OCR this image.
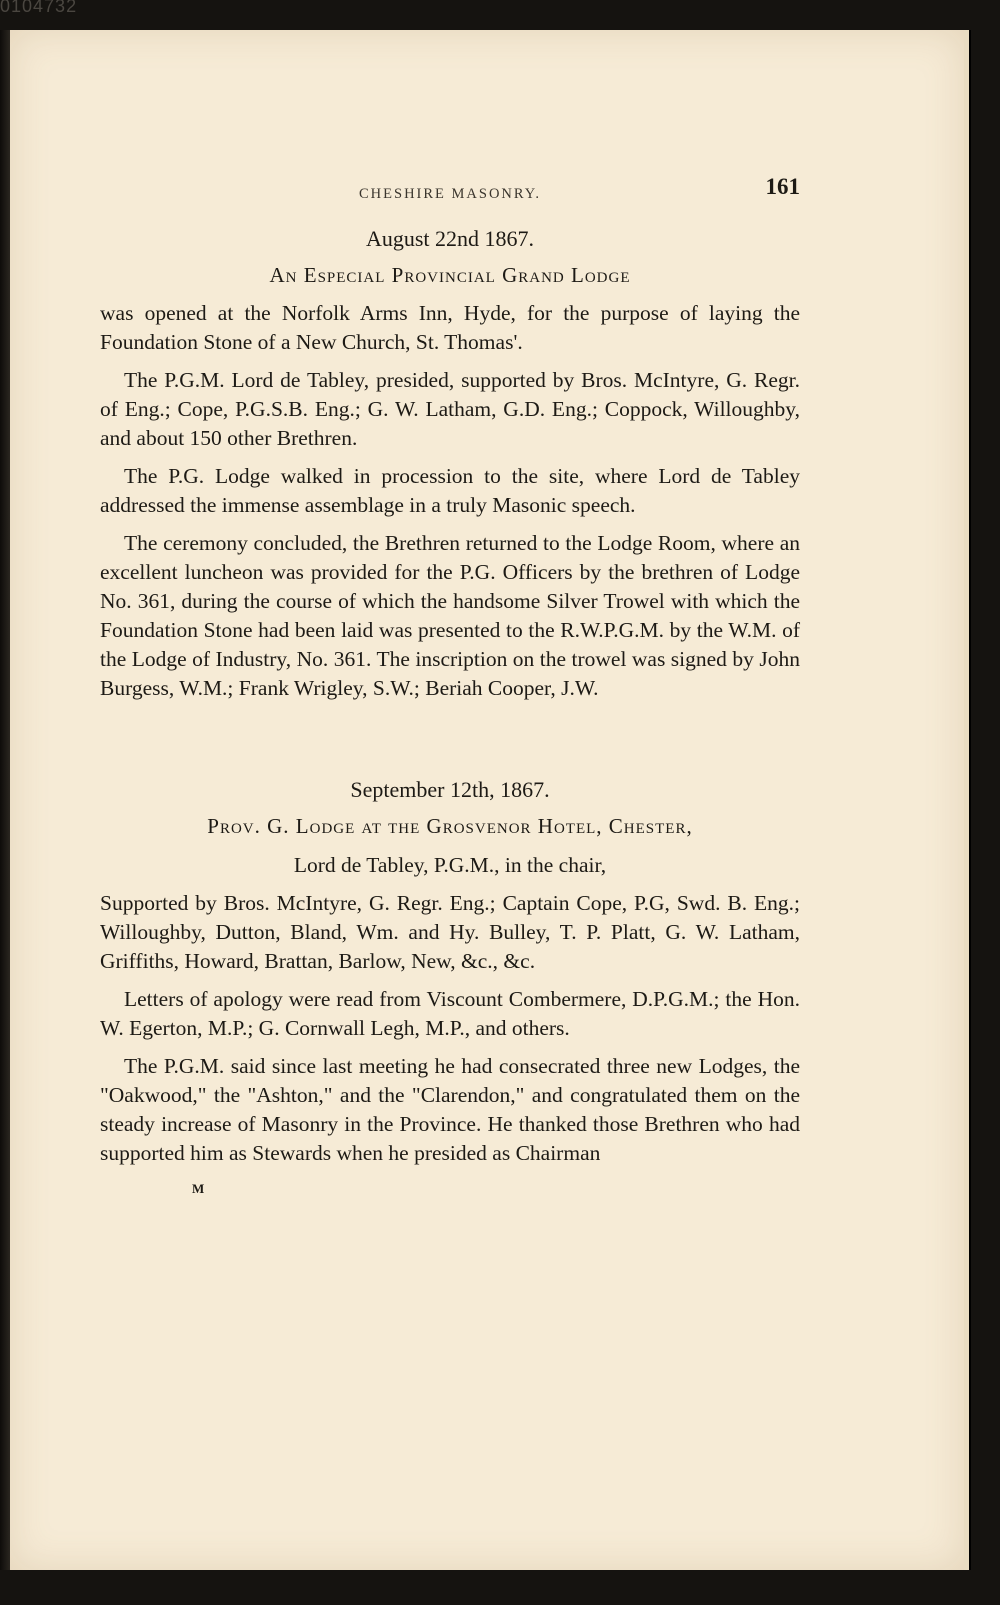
0104732
CHESHIRE MASONRY.	161
August 22nd 1867.
An Especial Provincial Grand Lodge

was opened at the Norfolk Arms Inn, Hyde, for the purpose of laying the Foundation Stone of a New Church, St. Thomas'.

The P.G.M. Lord de Tabley, presided, supported by Bros. McIntyre, G. Regr. of Eng.; Cope, P.G.S.B. Eng.; G. W. Latham, G.D. Eng.; Coppock, Willoughby, and about 150 other Brethren.

The P.G. Lodge walked in procession to the site, where Lord de Tabley addressed the immense assemblage in a truly Masonic speech.

The ceremony concluded, the Brethren returned to the Lodge Room, where an excellent luncheon was provided for the P.G. Officers by the brethren of Lodge No. 361, during the course of which the handsome Silver Trowel with which the Foundation Stone had been laid was presented to the R.W.P.G.M. by the W.M. of the Lodge of Industry, No. 361. The inscription on the trowel was signed by John Burgess, W.M.; Frank Wrigley, S.W.; Beriah Cooper, J.W.

September 12th, 1867.
Prov. G. Lodge at the Grosvenor Hotel, Chester,
Lord de Tabley, P.G.M., in the chair,

Supported by Bros. McIntyre, G. Regr. Eng.; Captain Cope, P.G, Swd. B. Eng.; Willoughby, Dutton, Bland, Wm. and Hy. Bulley, T. P. Platt, G. W. Latham, Griffiths, Howard, Brattan, Barlow, New, &c., &c.

Letters of apology were read from Viscount Combermere, D.P.G.M.; the Hon. W. Egerton, M.P.; G. Cornwall Legh, M.P., and others.

The P.G.M. said since last meeting he had consecrated three new Lodges, the "Oakwood," the "Ashton," and the "Clarendon," and congratulated them on the steady increase of Masonry in the Province. He thanked those Brethren who had supported him as Stewards when he presided as Chairman

M
